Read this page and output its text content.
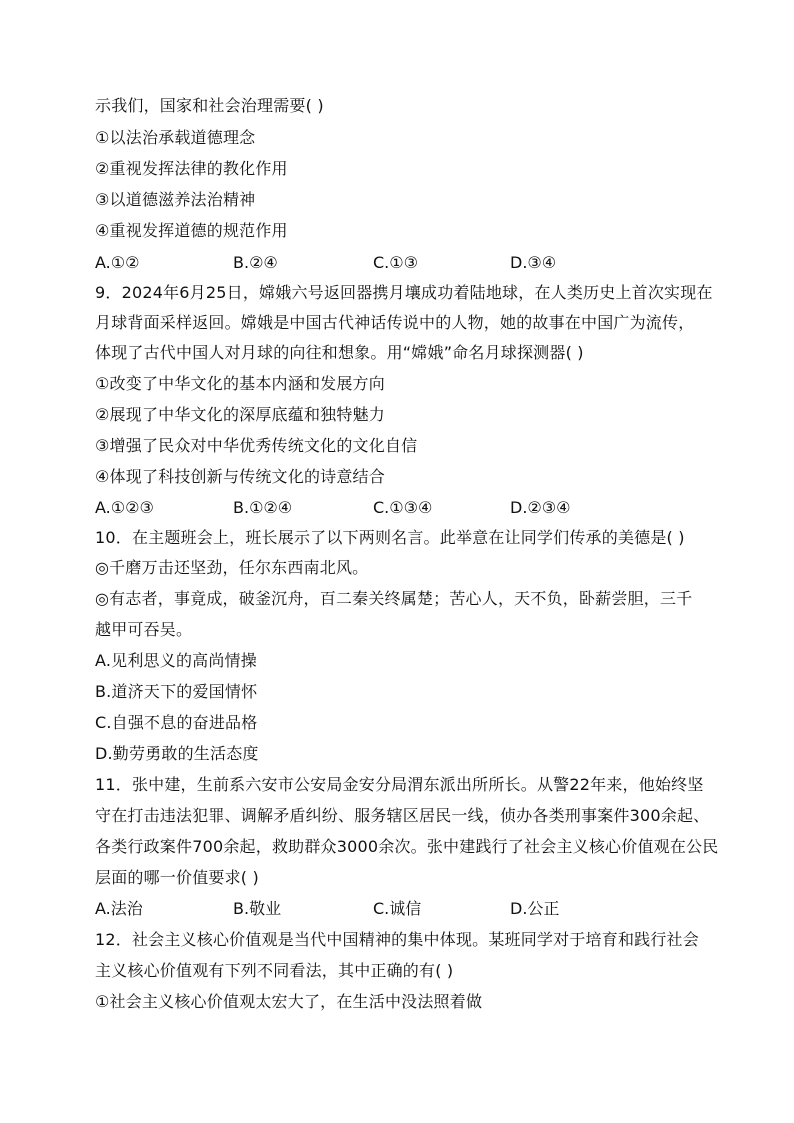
示我们，国家和社会治理需要( )
①以法治承载道德理念
②重视发挥法律的教化作用
③以道德滋养法治精神
④重视发挥道德的规范作用
A.①②	B.②④	C.①③	D.③④
9．2024年6月25日，嫦娥六号返回器携月壤成功着陆地球，在人类历史上首次实现在
月球背面采样返回。嫦娥是中国古代神话传说中的人物，她的故事在中国广为流传，
体现了古代中国人对月球的向往和想象。用“嫦娥”命名月球探测器( )
①改变了中华文化的基本内涵和发展方向
②展现了中华文化的深厚底蕴和独特魅力
③增强了民众对中华优秀传统文化的文化自信
④体现了科技创新与传统文化的诗意结合
A.①②③	B.①②④	C.①③④	D.②③④
10．在主题班会上，班长展示了以下两则名言。此举意在让同学们传承的美德是( )
◎千磨万击还坚劲，任尔东西南北风。
◎有志者，事竟成，破釜沉舟，百二秦关终属楚；苦心人，天不负，卧薪尝胆，三千
越甲可吞吴。
A.见利思义的高尚情操
B.道济天下的爱国情怀
C.自强不息的奋进品格
D.勤劳勇敢的生活态度
11．张中建，生前系六安市公安局金安分局渭东派出所所长。从警22年来，他始终坚
守在打击违法犯罪、调解矛盾纠纷、服务辖区居民一线，侦办各类刑事案件300余起、
各类行政案件700余起，救助群众3000余次。张中建践行了社会主义核心价值观在公民
层面的哪一价值要求( )
A.法治	B.敬业	C.诚信	D.公正
12．社会主义核心价值观是当代中国精神的集中体现。某班同学对于培育和践行社会
主义核心价值观有下列不同看法，其中正确的有( )
①社会主义核心价值观太宏大了，在生活中没法照着做
